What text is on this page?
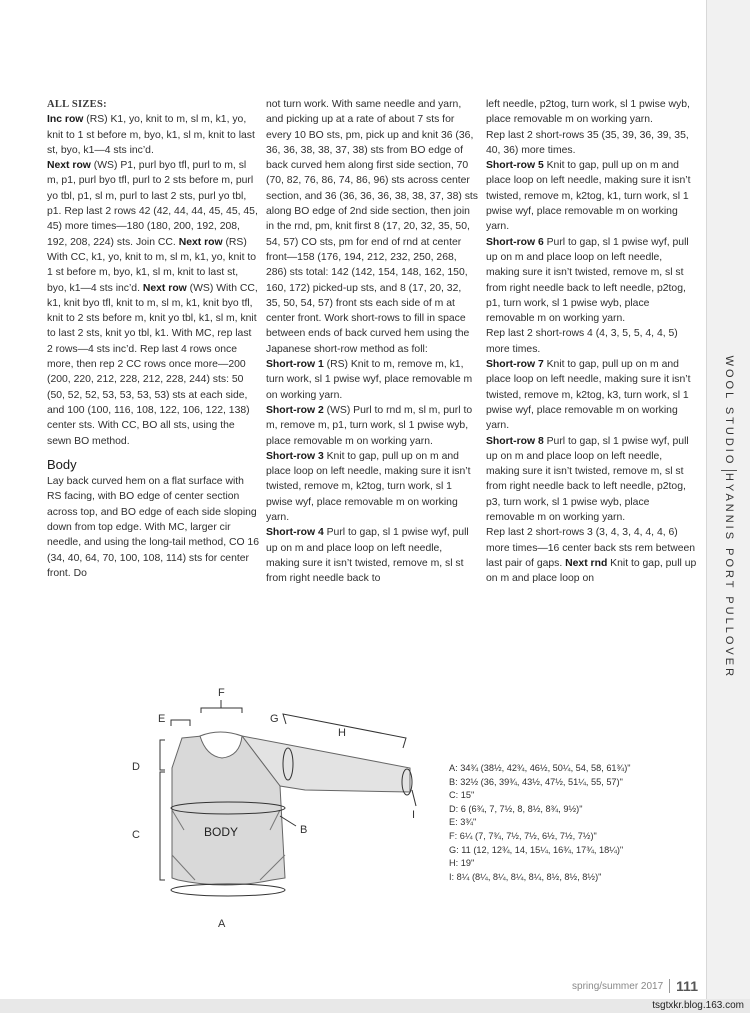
WOOL STUDIO
HYANNIS PORT PULLOVER

ALL SIZES:

Inc row (RS) K1, yo, knit to m, sl m, k1, yo, knit to 1 st before m, byo, k1, sl m, knit to last st, byo, k1—4 sts inc’d.

Next row (WS) P1, purl byo tfl, purl to m, sl m, p1, purl byo tfl, purl to 2 sts before m, purl yo tbl, p1, sl m, purl to last 2 sts, purl yo tbl, p1. Rep last 2 rows 42 (42, 44, 44, 45, 45, 45, 45) more times—180 (180, 200, 192, 208, 192, 208, 224) sts. Join CC. Next row (RS) With CC, k1, yo, knit to m, sl m, k1, yo, knit to 1 st before m, byo, k1, sl m, knit to last st, byo, k1—4 sts inc’d. Next row (WS) With CC, k1, knit byo tfl, knit to m, sl m, k1, knit byo tfl, knit to 2 sts before m, knit yo tbl, k1, sl m, knit to last 2 sts, knit yo tbl, k1. With MC, rep last 2 rows—4 sts inc’d. Rep last 4 rows once more, then rep 2 CC rows once more—200 (200, 220, 212, 228, 212, 228, 244) sts: 50 (50, 52, 52, 53, 53, 53, 53) sts at each side, and 100 (100, 116, 108, 122, 106, 122, 138) center sts. With CC, BO all sts, using the sewn BO method.

Body

Lay back curved hem on a flat surface with RS facing, with BO edge of center section across top, and BO edge of each side sloping down from top edge. With MC, larger cir needle, and using the long-tail method, CO 16 (34, 40, 64, 70, 100, 108, 114) sts for center front. Do

not turn work. With same needle and yarn, and picking up at a rate of about 7 sts for every 10 BO sts, pm, pick up and knit 36 (36, 36, 36, 38, 38, 37, 38) sts from BO edge of back curved hem along first side section, 70 (70, 82, 76, 86, 74, 86, 96) sts across center section, and 36 (36, 36, 36, 38, 38, 37, 38) sts along BO edge of 2nd side section, then join in the rnd, pm, knit first 8 (17, 20, 32, 35, 50, 54, 57) CO sts, pm for end of rnd at center front—158 (176, 194, 212, 232, 250, 268, 286) sts total: 142 (142, 154, 148, 162, 150, 160, 172) picked-up sts, and 8 (17, 20, 32, 35, 50, 54, 57) front sts each side of m at center front. Work short-rows to fill in space between ends of back curved hem using the Japanese short-row method as foll:

Short-row 1 (RS) Knit to m, remove m, k1, turn work, sl 1 pwise wyf, place removable m on working yarn.

Short-row 2 (WS) Purl to rnd m, sl m, purl to m, remove m, p1, turn work, sl 1 pwise wyb, place removable m on working yarn.

Short-row 3 Knit to gap, pull up on m and place loop on left needle, making sure it isn’t twisted, remove m, k2tog, turn work, sl 1 pwise wyf, place removable m on working yarn.

Short-row 4 Purl to gap, sl 1 pwise wyf, pull up on m and place loop on left needle, making sure it isn’t twisted, remove m, sl st from right needle back to

left needle, p2tog, turn work, sl 1 pwise wyb, place removable m on working yarn.

Rep last 2 short-rows 35 (35, 39, 36, 39, 35, 40, 36) more times.

Short-row 5 Knit to gap, pull up on m and place loop on left needle, making sure it isn’t twisted, remove m, k2tog, k1, turn work, sl 1 pwise wyf, place removable m on working yarn.

Short-row 6 Purl to gap, sl 1 pwise wyf, pull up on m and place loop on left needle, making sure it isn’t twisted, remove m, sl st from right needle back to left needle, p2tog, p1, turn work, sl 1 pwise wyb, place removable m on working yarn.

Rep last 2 short-rows 4 (4, 3, 5, 5, 4, 4, 5) more times.

Short-row 7 Knit to gap, pull up on m and place loop on left needle, making sure it isn’t twisted, remove m, k2tog, k3, turn work, sl 1 pwise wyf, place removable m on working yarn.

Short-row 8 Purl to gap, sl 1 pwise wyf, pull up on m and place loop on left needle, making sure it isn’t twisted, remove m, sl st from right needle back to left needle, p2tog, p3, turn work, sl 1 pwise wyb, place removable m on working yarn.

Rep last 2 short-rows 3 (3, 4, 3, 4, 4, 4, 6) more times—16 center back sts rem between last pair of gaps. Next rnd Knit to gap, pull up on m and place loop on

F
E
D
C
G
H
B
I
A
BODY
A: 34¾ (38½, 42¾, 46½, 50¼, 54, 58, 61¾)"
B: 32½ (36, 39¾, 43½, 47½, 51¼, 55, 57)"
C: 15"
D: 6 (6¾, 7, 7½, 8, 8½, 8¾, 9½)"
E: 3¾"
F: 6¼ (7, 7¾, 7½, 7½, 6½, 7½, 7½)"
G: 11 (12, 12¾, 14, 15¼, 16¾, 17¾, 18¼)"
H: 19"
I: 8¼ (8¼, 8¼, 8¼, 8¼, 8½, 8½, 8½)"
spring/summer 2017 111
tsgtxkr.blog.163.com
